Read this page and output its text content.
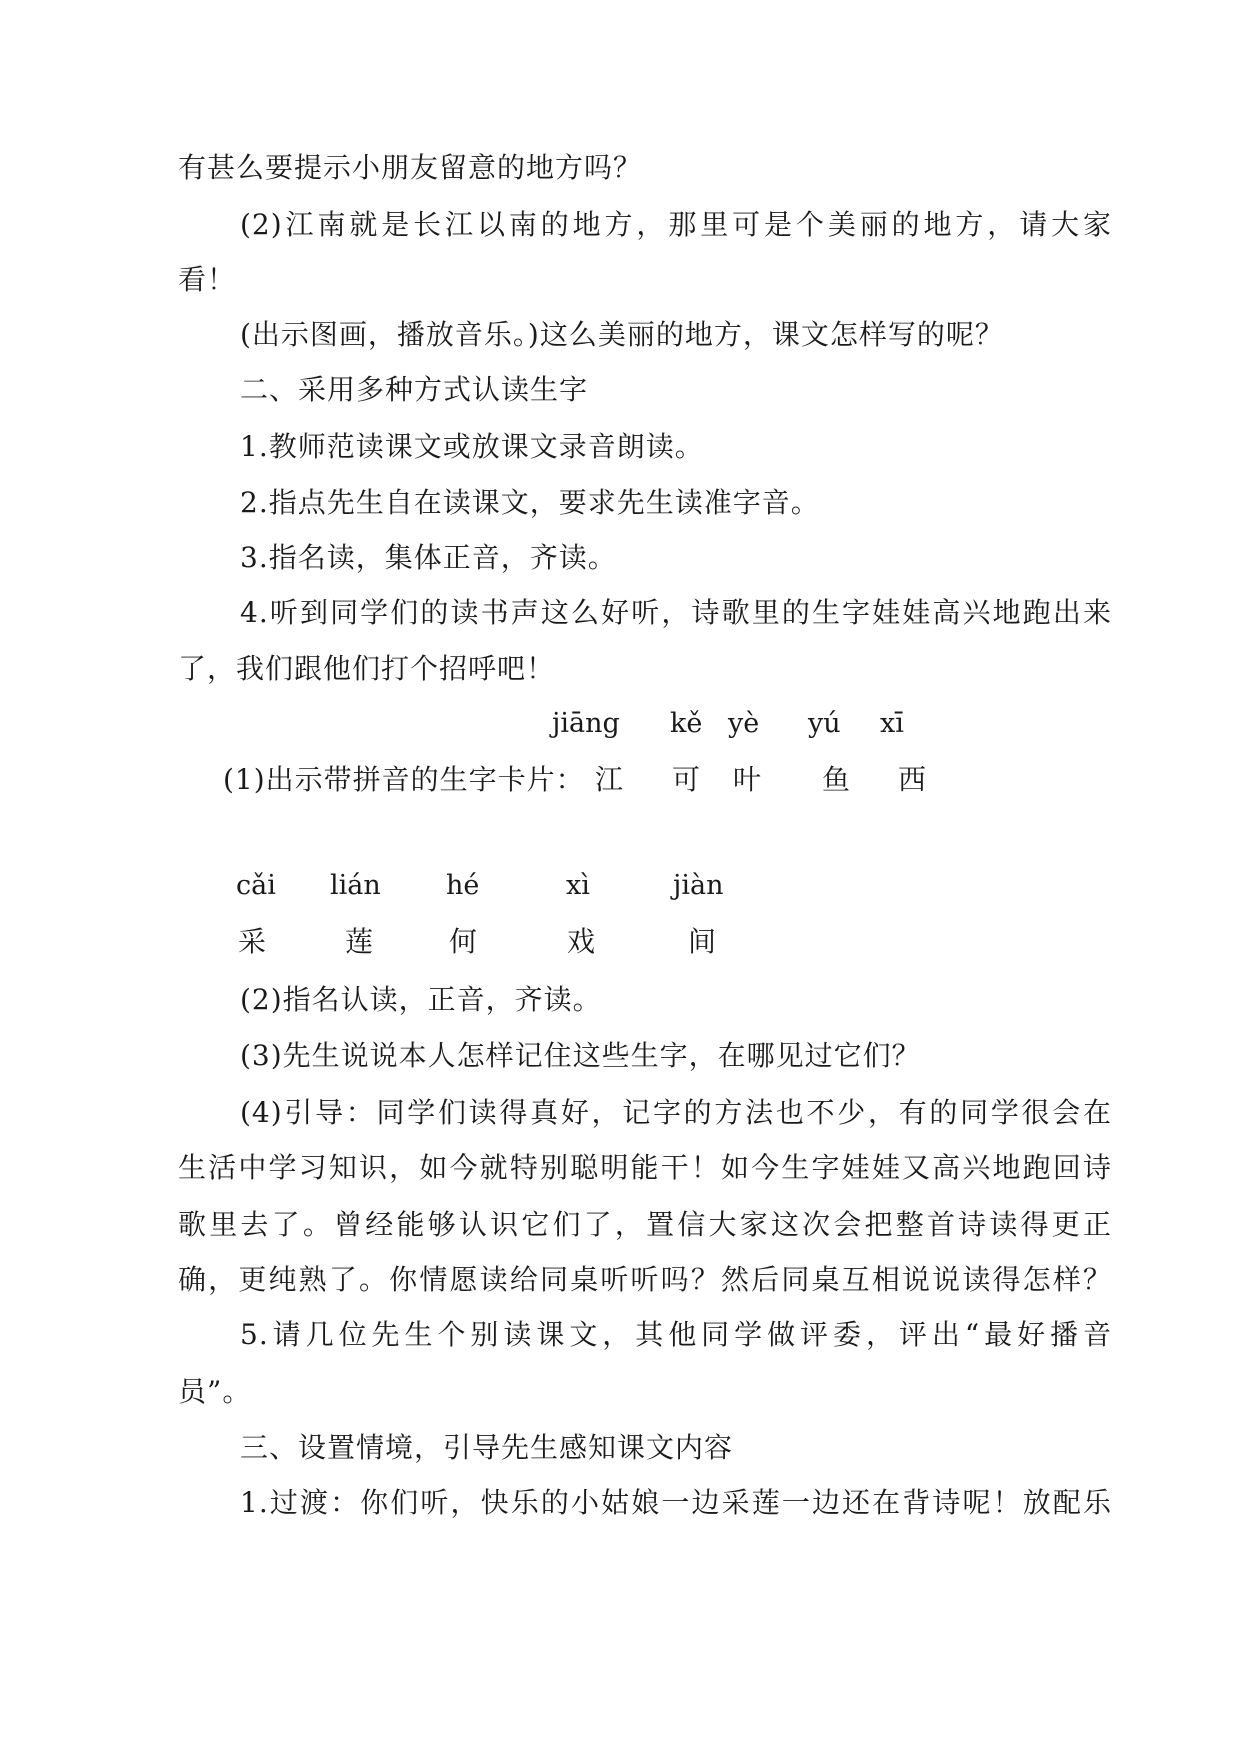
有甚么要提示小朋友留意的地方吗？
(2)江南就是长江以南的地方，那里可是个美丽的地方，请大家
看！
(出示图画，播放音乐。)这么美丽的地方，课文怎样写的呢？
二、采用多种方式认读生字
1.教师范读课文或放课文录音朗读。
2.指点先生自在读课文，要求先生读准字音。
3.指名读，集体正音，齐读。
4.听到同学们的读书声这么好听，诗歌里的生字娃娃高兴地跑出来
了，我们跟他们打个招呼吧！
jiāng kě yè yú xī
(1)出示带拼音的生字卡片： 江 可 叶 鱼 西
cǎi lián hé	xì	jiàn
采	莲	何	戏	间
(2)指名认读，正音，齐读。
(3)先生说说本人怎样记住这些生字，在哪见过它们？
(4)引导：同学们读得真好，记字的方法也不少，有的同学很会在
生活中学习知识，如今就特别聪明能干！如今生字娃娃又高兴地跑回诗
歌里去了。曾经能够认识它们了，置信大家这次会把整首诗读得更正
确，更纯熟了。你情愿读给同桌听听吗？然后同桌互相说说读得怎样？
5.请几位先生个别读课文，其他同学做评委，评出“最好播音
员”。
三、设置情境，引导先生感知课文内容
1.过渡：你们听，快乐的小姑娘一边采莲一边还在背诗呢！放配乐
